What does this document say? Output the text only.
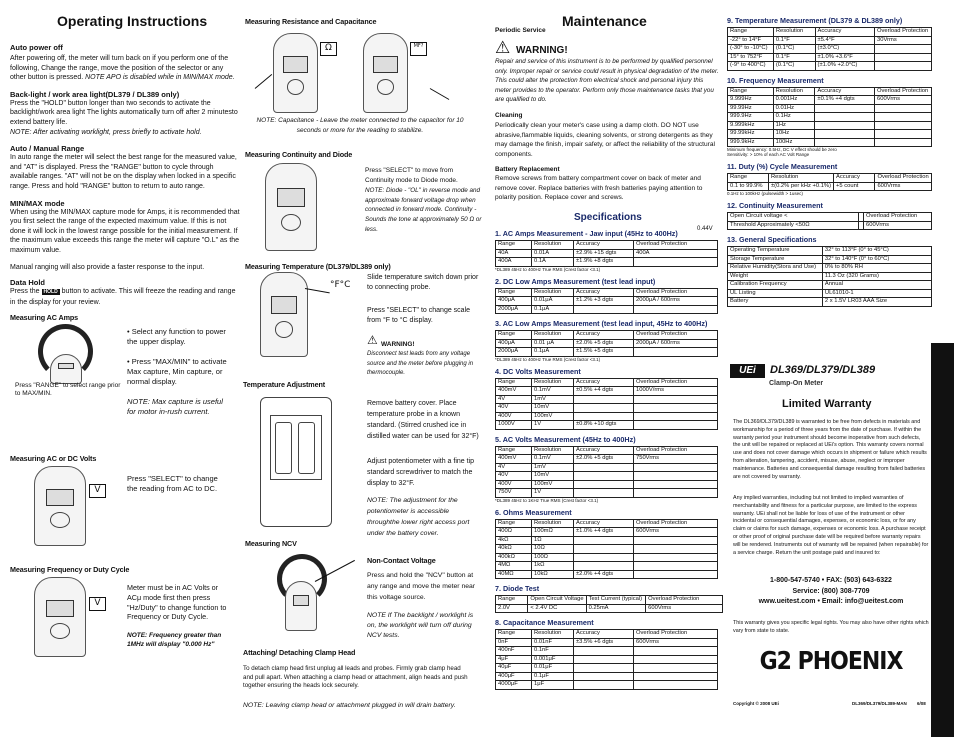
Operating Instructions
Auto power off
After powering off, the meter will turn back on if you perform one of the following, Change the range, move the position of the selector or any other button is pressed. NOTE APO is disabled while in MIN/MAX mode.
Back-light / work area light(DL379 / DL389 only)
Press the "HOLD" button longer than two seconds to activate the backlight/work area light The lights automatically turn off after 2 minutesto extend battery life.
NOTE: After activating worklight, press briefly to activate hold.
Auto / Manual Range
In auto range the meter will select the best range for the measured value, and "AT" is displayed. Press the "RANGE" button to cycle through available ranges. "AT" will not be on the display when locked in a specific range. Press and hold "RANGE" button to return to auto range.
MIN/MAX mode
When using the MIN/MAX capture mode for Amps, it is recommended that you first select the range of the expected maximum value. If this is not done it will lock in the lowest range possible for the initial measurement. If the maximum value exceeds this range the meter will capture "O.L" as the maximum value.
Manual ranging will also provide a faster response to the input.
Data Hold
Press the HOLD button to activate. This will freeze the reading and range in the display for your review.
Measuring AC Amps
Press "RANGE" to select range prior to MAX/MIN.
• Select any function to power the upper display.
• Press "MAX/MIN" to activate Max capture, Min capture, or normal display.
NOTE: Max capture is useful for motor in-rush current.
Measuring AC or DC Volts
V
Press "SELECT" to change the reading from AC to DC.
Measuring Frequency or Duty Cycle
V
Meter must be in AC Volts or ACμ mode first then press "Hz/Duty" to change function to Frequency or Duty Cycle.
NOTE: Frequency greater than 1MHz will display "0.000 Hz"
Measuring Resistance and Capacitance
Ω	MF?
NOTE: Capacitance - Leave the meter connected to the capacitor for 10 seconds or more for the reading to stabilize.
Measuring Continuity and Diode
Press "SELECT" to move from Continuity mode to Diode mode.
NOTE: Diode - "OL" in reverse mode and approximate forward voltage drop when connected in forward mode. Continuity - Sounds the tone at approximately 50 Ω or less.
Measuring Temperature (DL379/DL389 only)
°F°C
Slide temperature switch down prior to connecting probe.
Press "SELECT" to change scale from °F to °C display.
⚠ WARNING!
Disconnect test leads from any voltage source and the meter before plugging in thermocouple.
Temperature Adjustment
Remove battery cover. Place temperature probe in a known standard. (Stirred crushed ice in distilled water can be used for 32°F)
Adjust potentiometer with a fine tip standard screwdriver to match the display to 32°F.
NOTE: The adjustment for the potentiometer is accessible throughthe lower right access port under the battery cover.
Measuring NCV
Non-Contact Voltage
Press and hold the "NCV" button at any range and move the meter near this voltage source.
NOTE If The backlight / worklight is on, the worklight will turn off during NCV tests.
Attaching/ Detaching Clamp Head
To detach clamp head first unplug all leads and probes. Firmly grab clamp head and pull apart. When attaching a clamp head or attachment, align heads and push together ensuring the heads lock securely.
NOTE: Leaving clamp head or attachment plugged in will drain battery.
Maintenance
Periodic Service
⚠ WARNING!
Repair and service of this instrument is to be performed by qualified personnel only. Improper repair or service could result in physical degradation of the meter. This could alter the protection from electrical shock and personal injury this meter provides to the operator. Perform only those maintenance tasks that you are qualified to do.
Cleaning
Periodically clean your meter's case using a damp cloth. DO NOT use abrasive,flammable liquids, cleaning solvents, or strong detergents as they may damage the finish, impair safety, or affect the reliability of the structural components.
Battery Replacement
Remove screws from battery compartment cover on back of meter and remove cover. Replace batteries with fresh batteries paying attention to polarity position. Replace cover and screws.
Specifications
0.44V
1. AC Amps Measurement - Jaw input (45Hz to 400Hz)
Range	Resolution	Accuracy	Overload Protection
40A	0.01A	±2.9% +15 dgts	400A
400A	0.1A	±1.9% +8 dgts	
*DL389 45Hz to 400Hz True RMS (Crest factor <3.1)
2. DC Low Amps Measurement (test lead input)
Range	Resolution	Accuracy	Overload Protection
400μA	0.01μA	±1.2% +3 dgts	2000μA / 600rms
2000μA	0.1μA		
3. AC Low Amps Measurement (test lead input, 45Hz to 400Hz)
Range	Resolution	Accuracy	Overload Protection
400μA	0.01 μA	±2.0% +5 dgts	2000μA / 600rms
2000μA	0.1μA	±1.5% +5 dgts	
*DL389 45Hz to 400Hz True RMS (Crest factor <3.1)
4. DC Volts Measurement
Range	Resolution	Accuracy	Overload Protection
400mV	0.1mV	±0.5% +4 dgts	1000V/rms
4V	1mV		
40V	10mV		
400V	100mV		
1000V	1V	±0.8% +10 dgts	
5. AC Volts Measurement (45Hz to 400Hz)
Range	Resolution	Accuracy	Overload Protection
400mV	0.1mV	±2.0% +5 dgts	750Vrms
4V	1mV		
40V	10mV		
400V	100mV		
750V	1V		
*DL389 45Hz to 1KHz True RMS (Crest factor <3.1)
6. Ohms Measurement
Range	Resolution	Accuracy	Overload Protection
400Ω	100mΩ	±1.0% +4 dgts	600Vrms
4kΩ	1Ω		
40kΩ	10Ω		
400kΩ	100Ω		
4MΩ	1kΩ		
40MΩ	10kΩ	±2.0% +4 dgts	
7. Diode Test
Range	Open Circuit Voltage	Test Current (typical)	Overload Protection
2.0V	< 2.4V DC	0.25mA	600Vrms
8. Capacitance Measurement
Range	Resolution	Accuracy	Overload Protection
0nF	0.01nF	±3.5% +6 dgts	600Vrms
400nF	0.1nF		
4μF	0.001μF		
40μF	0.01μF		
400μF	0.1μF		
4000μF	1μF		
9. Temperature Measurement (DL379 & DL389 only)
Range	Resolution	Accuracy	Overload Protection
-22° to 14°F	0.1°F	±5.4°F	30Vrms
(-30° to -10°C)	(0.1°C)	(±3.0°C)	
15° to 752°F	0.1°F	±1.0% +3.6°F	
(-9° to 400°C)	(0.1°C)	(±1.0% +2.0°C)	
10. Frequency Measurement
Range	Resolution	Accuracy	Overload Protection
9.999Hz	0.001Hz	±0.1% +4 dgts	600Vrms
99.99Hz	0.01Hz		
999.9Hz	0.1Hz		
9.999kHz	1Hz		
99.99kHz	10Hz		
999.9kHz	100Hz		
Minimum frequency: 0.5Hz, DC V effect should be zero
Sensitivity: > 10% of each AC Volt Range
11. Duty (%) Cycle Measurement
Range	Resolution	Accuracy	Overload Protection
0.1 to 99.9%	±(0.2% per kHz +0.1%)	+5 count	600Vrms
0.1Hz to 100kHz (pulsewidth > 1usec)
12. Continuity Measurement
Open Circuit voltage <		Overload Protection
Threshold Approximately <50Ω		600Vrms
13. General Specifications
Operating Temperature	32° to 113°F (0° to 45°C)
Storage Temperature	32° to 140°F (0° to 60°C)
Relative Humidity(Stora and Use)	0% to 80% RH
Weight	11.3 Oz (320 Grams)
Calibration Frequency	Annual
UL Listing	UL61010-1
Battery	2 x 1.5V LR03 AAA Size
UEi	DL369/DL379/DL389
Clamp-On Meter
Limited Warranty
The DL369/DL379/DL389 is warranted to be free from defects in materials and workmanship for a period of three years from the date of purchase. If within the warranty period your instrument should become inoperative from such defects, the unit will be repaired or replaced at UEi's option. This warranty covers normal use and does not cover damage which occurs in shipment or failure which results from alteration, tampering, accident, misuse, abuse, neglect or improper maintenance. Batteries and consequential damage resulting from failed batteries are not covered by warranty.
Any implied warranties, including but not limited to implied warranties of merchantability and fitness for a particular purpose, are limited to the express warranty. UEi shall not be liable for loss of use of the instrument or other incidental or consequential damages, expenses, or economic loss, or for any claim or claims for such damage, expenses or economic loss. A purchase receipt or other proof of original purchase date will be required before warranty repairs will be rendered. Instruments out of warranty will be repaired (when repairable) for a service charge. Return the unit postage paid and insured to:
1-800-547-5740 • FAX: (503) 643-6322
Service: (800) 308-7709
www.ueitest.com • Email: info@ueitest.com
This warranty gives you specific legal rights. You may also have other rights which vary from state to state.
G2 PHOENIX
Copyright © 2008 UEi	DL369/DL379/DL389-MAN 6/08
